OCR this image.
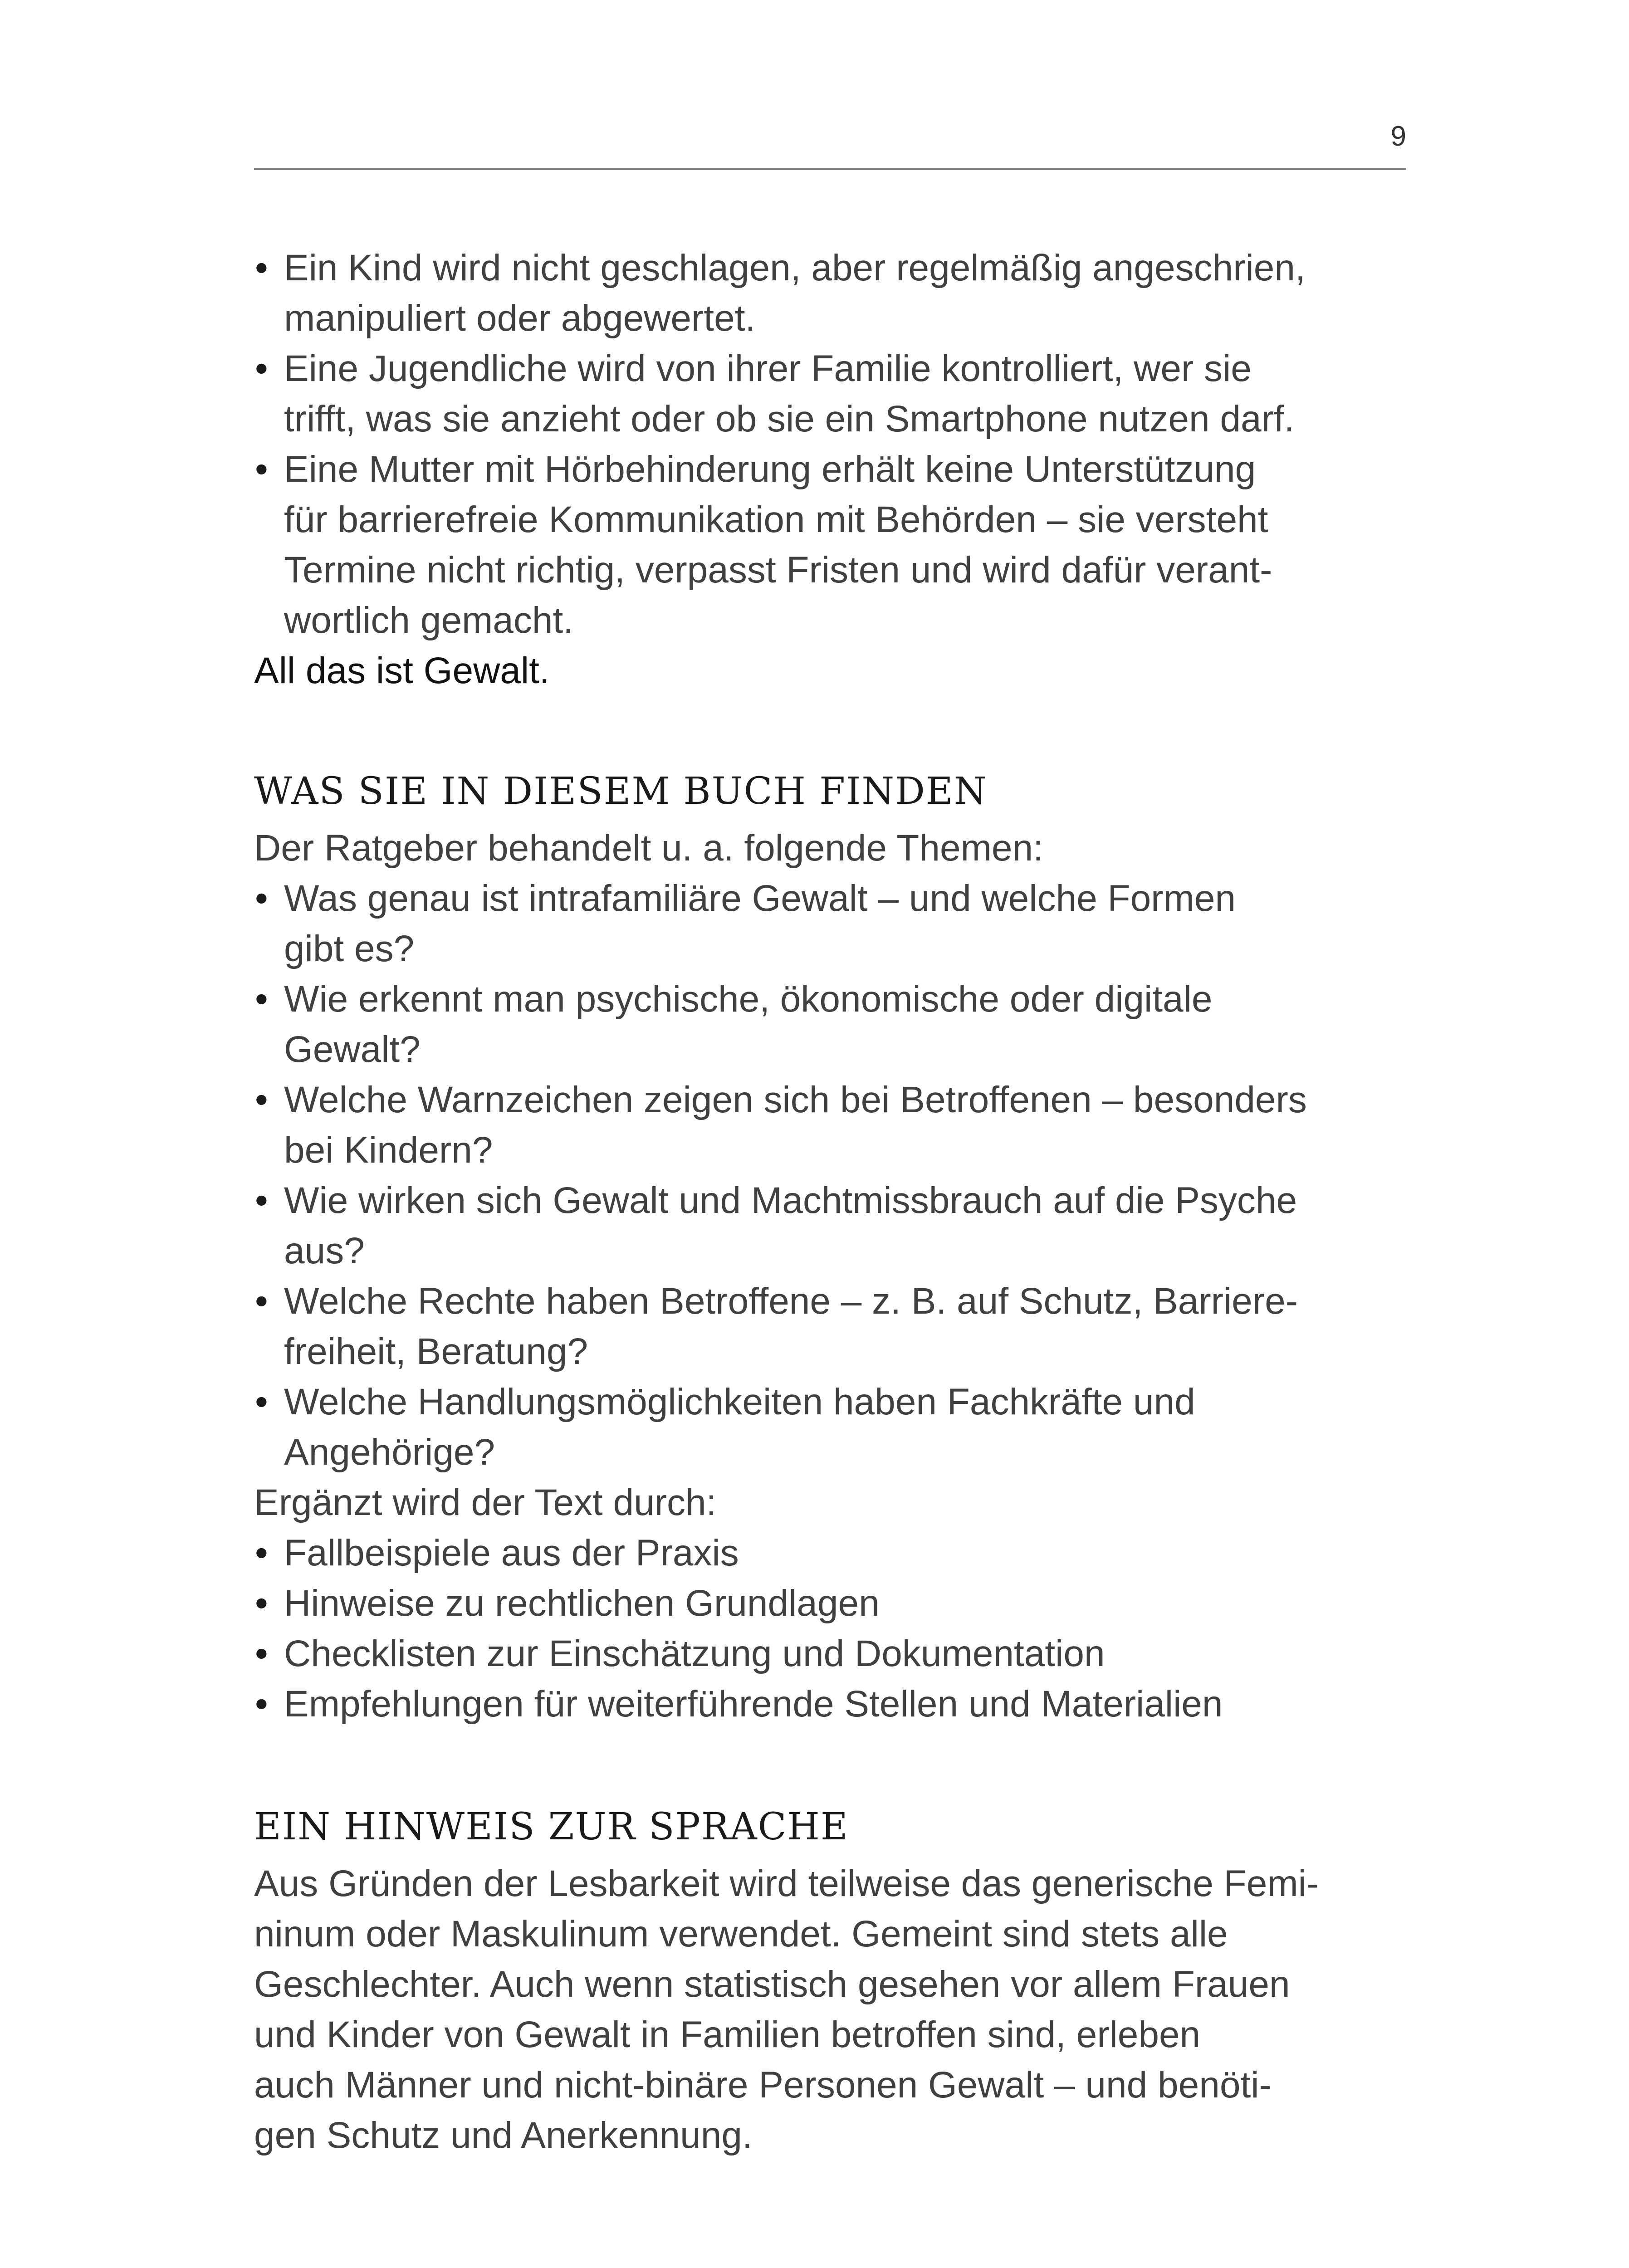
9
• Ein Kind wird nicht geschlagen, aber regelmäßig angeschrien,
manipuliert oder abgewertet.
• Eine Jugendliche wird von ihrer Familie kontrolliert, wer sie
trifft, was sie anzieht oder ob sie ein Smartphone nutzen darf.
• Eine Mutter mit Hörbehinderung erhält keine Unterstützung
für barrierefreie Kommunikation mit Behörden – sie versteht
Termine nicht richtig, verpasst Fristen und wird dafür verant-
wortlich gemacht.

All das ist Gewalt.

WAS SIE IN DIESEM BUCH FINDEN

Der Ratgeber behandelt u. a. folgende Themen:

• Was genau ist intrafamiliäre Gewalt – und welche Formen
gibt es?
• Wie erkennt man psychische, ökonomische oder digitale
Gewalt?
• Welche Warnzeichen zeigen sich bei Betroffenen – besonders
bei Kindern?
• Wie wirken sich Gewalt und Machtmissbrauch auf die Psyche
aus?
• Welche Rechte haben Betroffene – z. B. auf Schutz, Barriere-
freiheit, Beratung?
• Welche Handlungsmöglichkeiten haben Fachkräfte und
Angehörige?

Ergänzt wird der Text durch:

• Fallbeispiele aus der Praxis
• Hinweise zu rechtlichen Grundlagen
• Checklisten zur Einschätzung und Dokumentation
• Empfehlungen für weiterführende Stellen und Materialien
EIN HINWEIS ZUR SPRACHE

Aus Gründen der Lesbarkeit wird teilweise das generische Femi-
ninum oder Maskulinum verwendet. Gemeint sind stets alle
Geschlechter. Auch wenn statistisch gesehen vor allem Frauen
und Kinder von Gewalt in Familien betroffen sind, erleben
auch Männer und nicht-binäre Personen Gewalt – und benöti-
gen Schutz und Anerkennung.
